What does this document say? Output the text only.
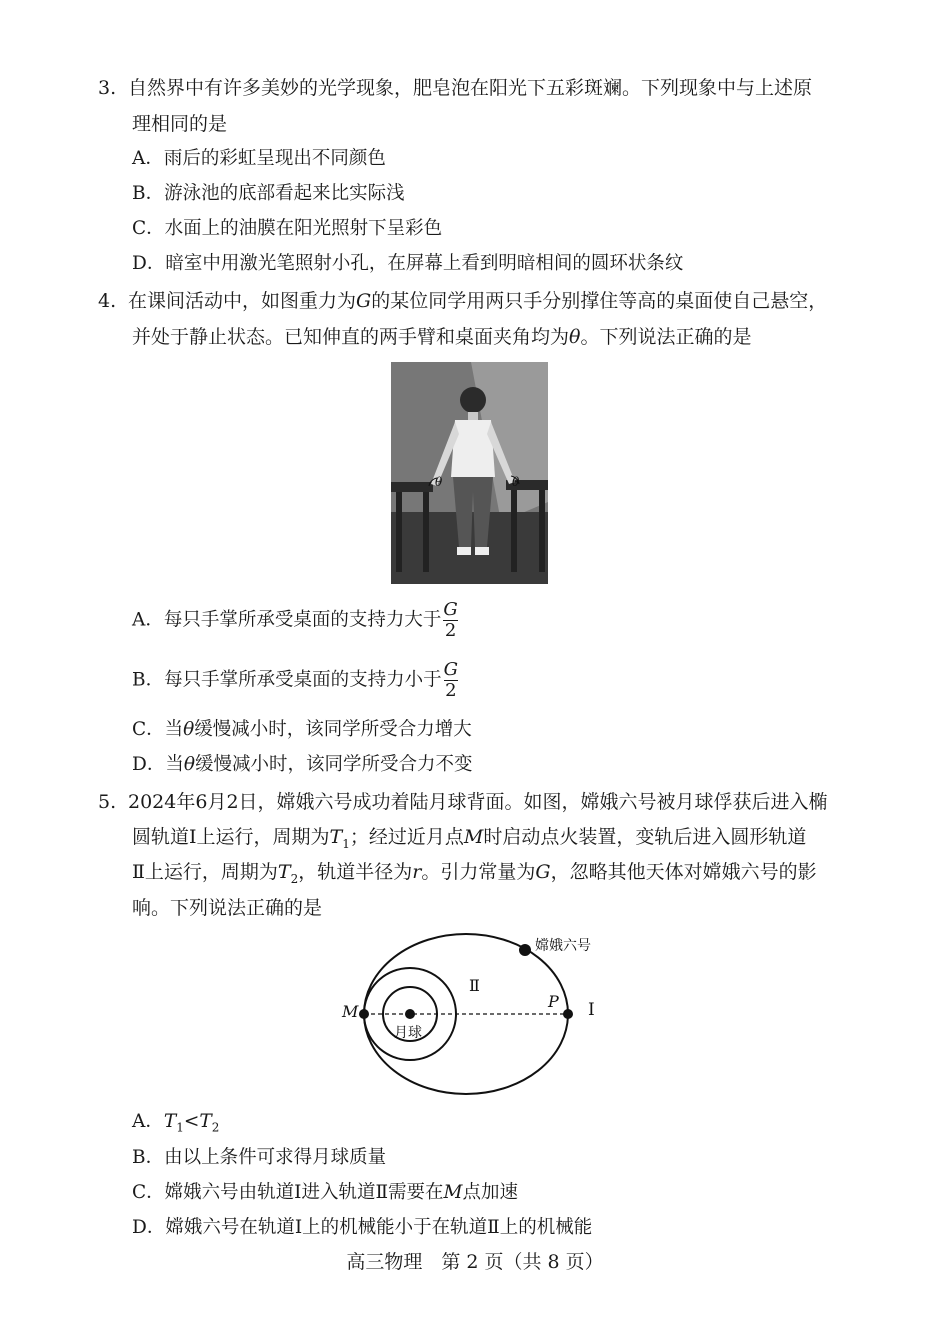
3. 自然界中有许多美妙的光学现象，肥皂泡在阳光下五彩斑斓。下列现象中与上述原
理相同的是
A．雨后的彩虹呈现出不同颜色
B．游泳池的底部看起来比实际浅
C．水面上的油膜在阳光照射下呈彩色
D．暗室中用激光笔照射小孔，在屏幕上看到明暗相间的圆环状条纹
4. 在课间活动中，如图重力为G的某位同学用两只手分别撑住等高的桌面使自己悬空，
并处于静止状态。已知伸直的两手臂和桌面夹角均为θ。下列说法正确的是
θ	θ
A．每只手掌所承受桌面的支持力大于 $\frac{G}{2}$
B．每只手掌所承受桌面的支持力小于 $\frac{G}{2}$
C．当θ缓慢减小时，该同学所受合力增大
D．当θ缓慢减小时，该同学所受合力不变
5. 2024年6月2日，嫦娥六号成功着陆月球背面。如图，嫦娥六号被月球俘获后进入椭
圆轨道Ⅰ上运行，周期为$T_1$；经过近月点M时启动点火装置，变轨后进入圆形轨道
Ⅱ上运行，周期为$T_2$，轨道半径为r。引力常量为G，忽略其他天体对嫦娥六号的影
响。下列说法正确的是
嫦娥六号
Ⅱ
Ⅰ
M
P
月球
A．$T_1<T_2$
B．由以上条件可求得月球质量
C．嫦娥六号由轨道Ⅰ进入轨道Ⅱ需要在M点加速
D．嫦娥六号在轨道Ⅰ上的机械能小于在轨道Ⅱ上的机械能
高三物理　第 2 页（共 8 页）
